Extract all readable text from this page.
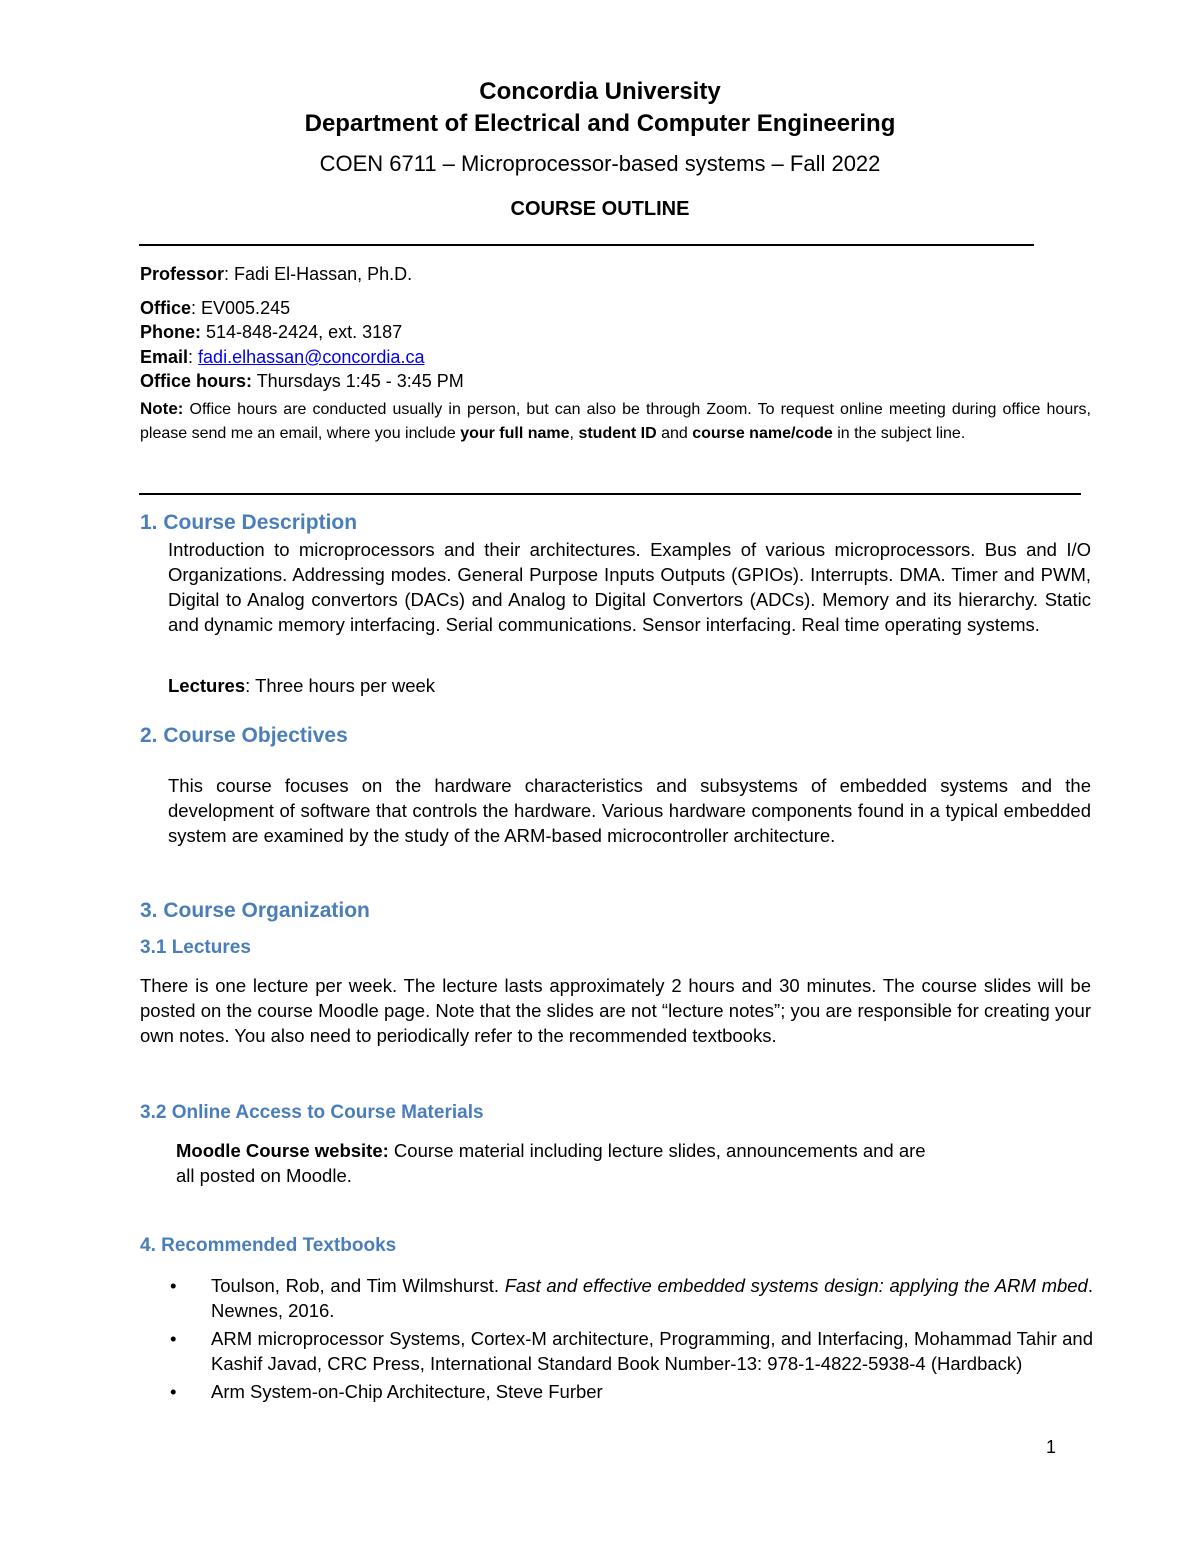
Concordia University
Department of Electrical and Computer Engineering
COEN 6711 – Microprocessor-based systems – Fall 2022
COURSE OUTLINE
Professor: Fadi El-Hassan, Ph.D.
Office: EV005.245
Phone: 514-848-2424, ext. 3187
Email: fadi.elhassan@concordia.ca
Office hours: Thursdays 1:45 - 3:45 PM
Note: Office hours are conducted usually in person, but can also be through Zoom. To request online meeting during office hours, please send me an email, where you include your full name, student ID and course name/code in the subject line.
1. Course Description
Introduction to microprocessors and their architectures. Examples of various microprocessors. Bus and I/O Organizations. Addressing modes. General Purpose Inputs Outputs (GPIOs). Interrupts. DMA. Timer and PWM, Digital to Analog convertors (DACs) and Analog to Digital Convertors (ADCs). Memory and its hierarchy. Static and dynamic memory interfacing. Serial communications. Sensor interfacing. Real time operating systems.
Lectures: Three hours per week
2. Course Objectives
This course focuses on the hardware characteristics and subsystems of embedded systems and the development of software that controls the hardware. Various hardware components found in a typical embedded system are examined by the study of the ARM-based microcontroller architecture.
3. Course Organization
3.1 Lectures
There is one lecture per week. The lecture lasts approximately 2 hours and 30 minutes. The course slides will be posted on the course Moodle page. Note that the slides are not “lecture notes”; you are responsible for creating your own notes. You also need to periodically refer to the recommended textbooks.
3.2 Online Access to Course Materials
Moodle Course website: Course material including lecture slides, announcements and are
all posted on Moodle.
4. Recommended Textbooks
• Toulson, Rob, and Tim Wilmshurst. Fast and effective embedded systems design: applying the ARM mbed. Newnes, 2016.
• ARM microprocessor Systems, Cortex-M architecture, Programming, and Interfacing, Mohammad Tahir and Kashif Javad, CRC Press, International Standard Book Number-13: 978-1-4822-5938-4 (Hardback)
• Arm System-on-Chip Architecture, Steve Furber
1
